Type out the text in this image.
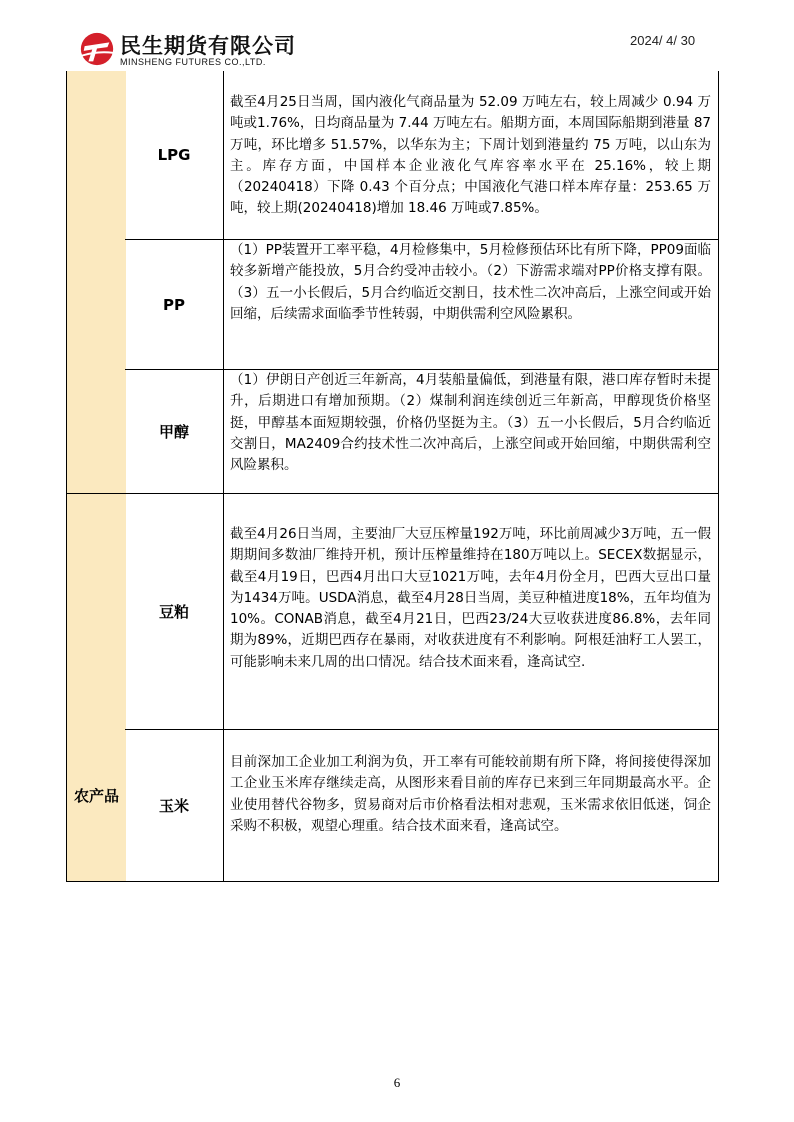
民生期货有限公司
MINSHENG FUTURES CO.,LTD.
2024/ 4/ 30
农产品
LPG
截至4月25日当周，国内液化气商品量为 52.09 万吨左右，较上周减少 0.94 万吨或1.76%，日均商品量为 7.44 万吨左右。船期方面，本周国际船期到港量 87 万吨，环比增多 51.57%，以华东为主；下周计划到港量约 75 万吨，以山东为主。库存方面，中国样本企业液化气库容率水平在 25.16%，较上期（20240418）下降 0.43 个百分点；中国液化气港口样本库存量：253.65 万吨，较上期(20240418)增加 18.46 万吨或7.85%。
PP
（1）PP装置开工率平稳，4月检修集中，5月检修预估环比有所下降，PP09面临较多新增产能投放，5月合约受冲击较小。（2）下游需求端对PP价格支撑有限。（3）五一小长假后，5月合约临近交割日，技术性二次冲高后，上涨空间或开始回缩，后续需求面临季节性转弱，中期供需利空风险累积。
甲醇
（1）伊朗日产创近三年新高，4月装船量偏低，到港量有限，港口库存暂时未提升，后期进口有增加预期。（2）煤制利润连续创近三年新高，甲醇现货价格坚挺，甲醇基本面短期较强，价格仍坚挺为主。（3）五一小长假后，5月合约临近交割日，MA2409合约技术性二次冲高后，上涨空间或开始回缩，中期供需利空风险累积。
豆粕
截至4月26日当周，主要油厂大豆压榨量192万吨，环比前周减少3万吨，五一假期期间多数油厂维持开机，预计压榨量维持在180万吨以上。SECEX数据显示，截至4月19日，巴西4月出口大豆1021万吨，去年4月份全月，巴西大豆出口量为1434万吨。USDA消息，截至4月28日当周，美豆种植进度18%，五年均值为10%。CONAB消息，截至4月21日，巴西23/24大豆收获进度86.8%，去年同期为89%，近期巴西存在暴雨，对收获进度有不利影响。阿根廷油籽工人罢工，可能影响未来几周的出口情况。结合技术面来看，逢高试空.
玉米
目前深加工企业加工利润为负，开工率有可能较前期有所下降，将间接使得深加工企业玉米库存继续走高，从图形来看目前的库存已来到三年同期最高水平。企业使用替代谷物多，贸易商对后市价格看法相对悲观，玉米需求依旧低迷，饲企采购不积极，观望心理重。结合技术面来看，逢高试空。
6
